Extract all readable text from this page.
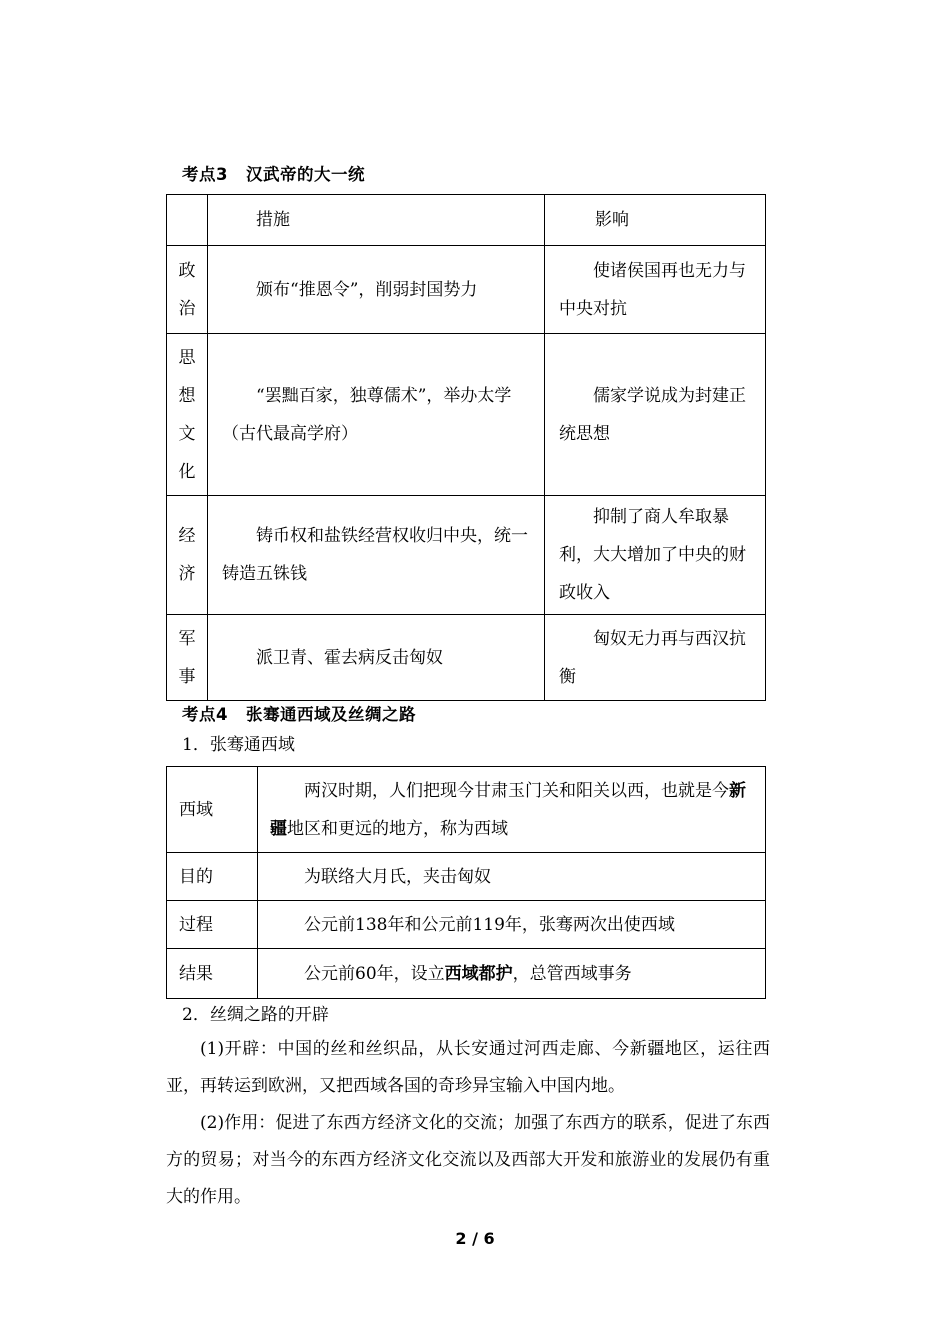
考点3 汉武帝的大一统
	措施	影响

政
治	颁布“推恩令”，削弱封国势力	使诸侯国再也无力与中央对抗

思
想
文
化	“罢黜百家，独尊儒术”，举办太学（古代最高学府）	儒家学说成为封建正统思想

经
济	铸币权和盐铁经营权收归中央，统一铸造五铢钱	抑制了商人牟取暴利，大大增加了中央的财政收入

军
事	派卫青、霍去病反击匈奴	匈奴无力再与西汉抗衡
考点4 张骞通西域及丝绸之路
1．张骞通西域
西域	两汉时期，人们把现今甘肃玉门关和阳关以西，也就是今新疆地区和更远的地方，称为西域
目的	为联络大月氏，夹击匈奴
过程	公元前138年和公元前119年，张骞两次出使西域
结果	公元前60年，设立西域都护，总管西域事务
2．丝绸之路的开辟
(1)开辟：中国的丝和丝织品，从长安通过河西走廊、今新疆地区，运往西亚，再转运到欧洲，又把西域各国的奇珍异宝输入中国内地。
(2)作用：促进了东西方经济文化的交流；加强了东西方的联系，促进了东西方的贸易；对当今的东西方经济文化交流以及西部大开发和旅游业的发展仍有重大的作用。
2 / 6
